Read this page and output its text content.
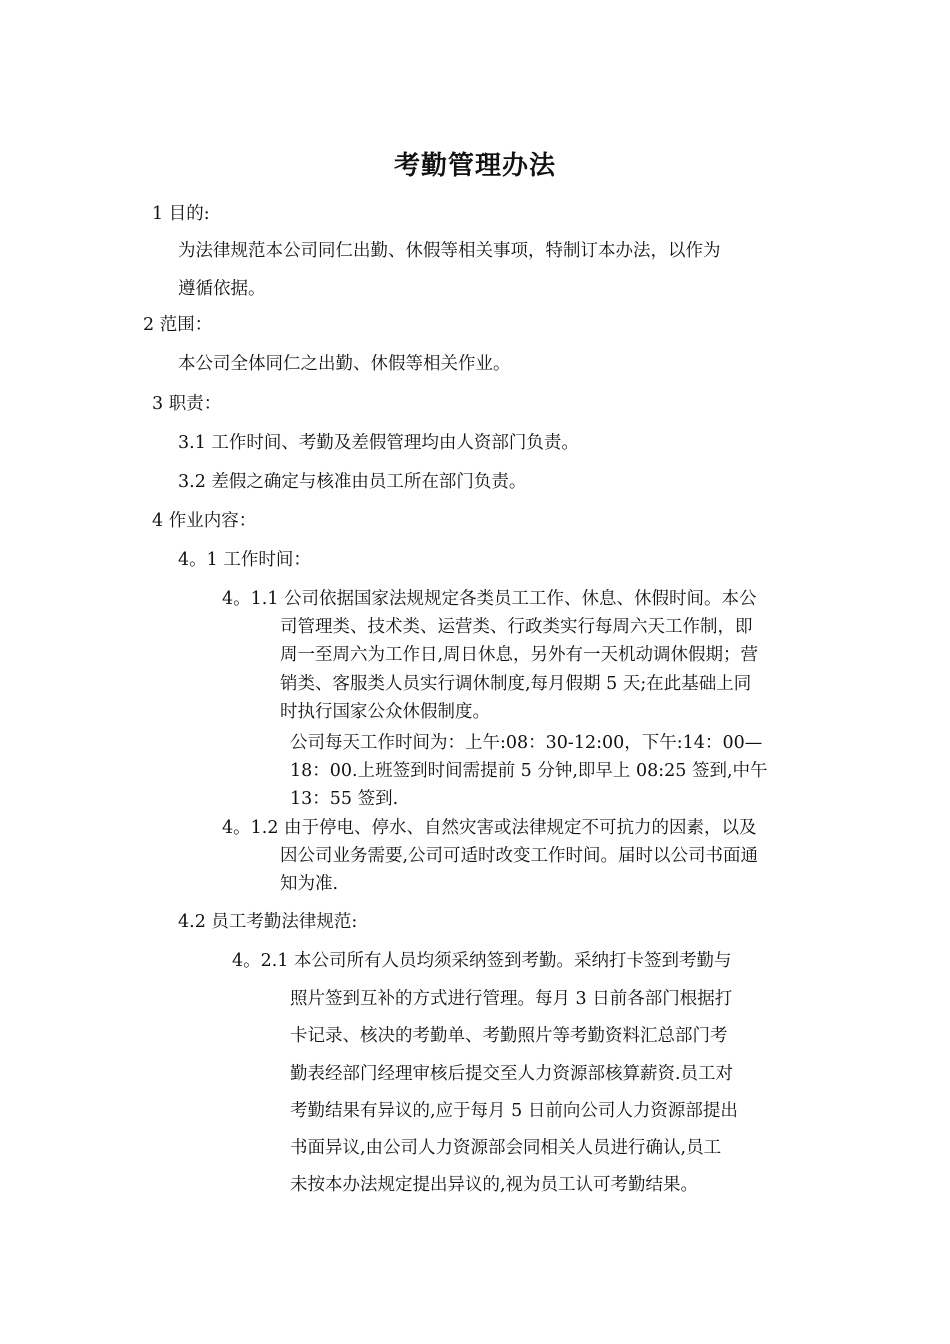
考勤管理办法
1 目的:
为法律规范本公司同仁出勤、休假等相关事项，特制订本办法，以作为
遵循依据。
2 范围：
本公司全体同仁之出勤、休假等相关作业。
3 职责：
3.1 工作时间、考勤及差假管理均由人资部门负责。
3.2 差假之确定与核准由员工所在部门负责。
4 作业内容：
4。1 工作时间：
4。1.1 公司依据国家法规规定各类员工工作、休息、休假时间。本公
司管理类、技术类、运营类、行政类实行每周六天工作制，即
周一至周六为工作日,周日休息，另外有一天机动调休假期；营
销类、客服类人员实行调休制度,每月假期 5 天;在此基础上同
时执行国家公众休假制度。
公司每天工作时间为：上午:08：30-12:00，下午:14：00—
18：00.上班签到时间需提前 5 分钟,即早上 08:25 签到,中午
13：55 签到.
4。1.2 由于停电、停水、自然灾害或法律规定不可抗力的因素，以及
因公司业务需要,公司可适时改变工作时间。届时以公司书面通
知为准.
4.2 员工考勤法律规范:
4。2.1 本公司所有人员均须采纳签到考勤。采纳打卡签到考勤与
照片签到互补的方式进行管理。每月 3 日前各部门根据打
卡记录、核决的考勤单、考勤照片等考勤资料汇总部门考
勤表经部门经理审核后提交至人力资源部核算薪资.员工对
考勤结果有异议的,应于每月 5 日前向公司人力资源部提出
书面异议,由公司人力资源部会同相关人员进行确认,员工
未按本办法规定提出异议的,视为员工认可考勤结果。
